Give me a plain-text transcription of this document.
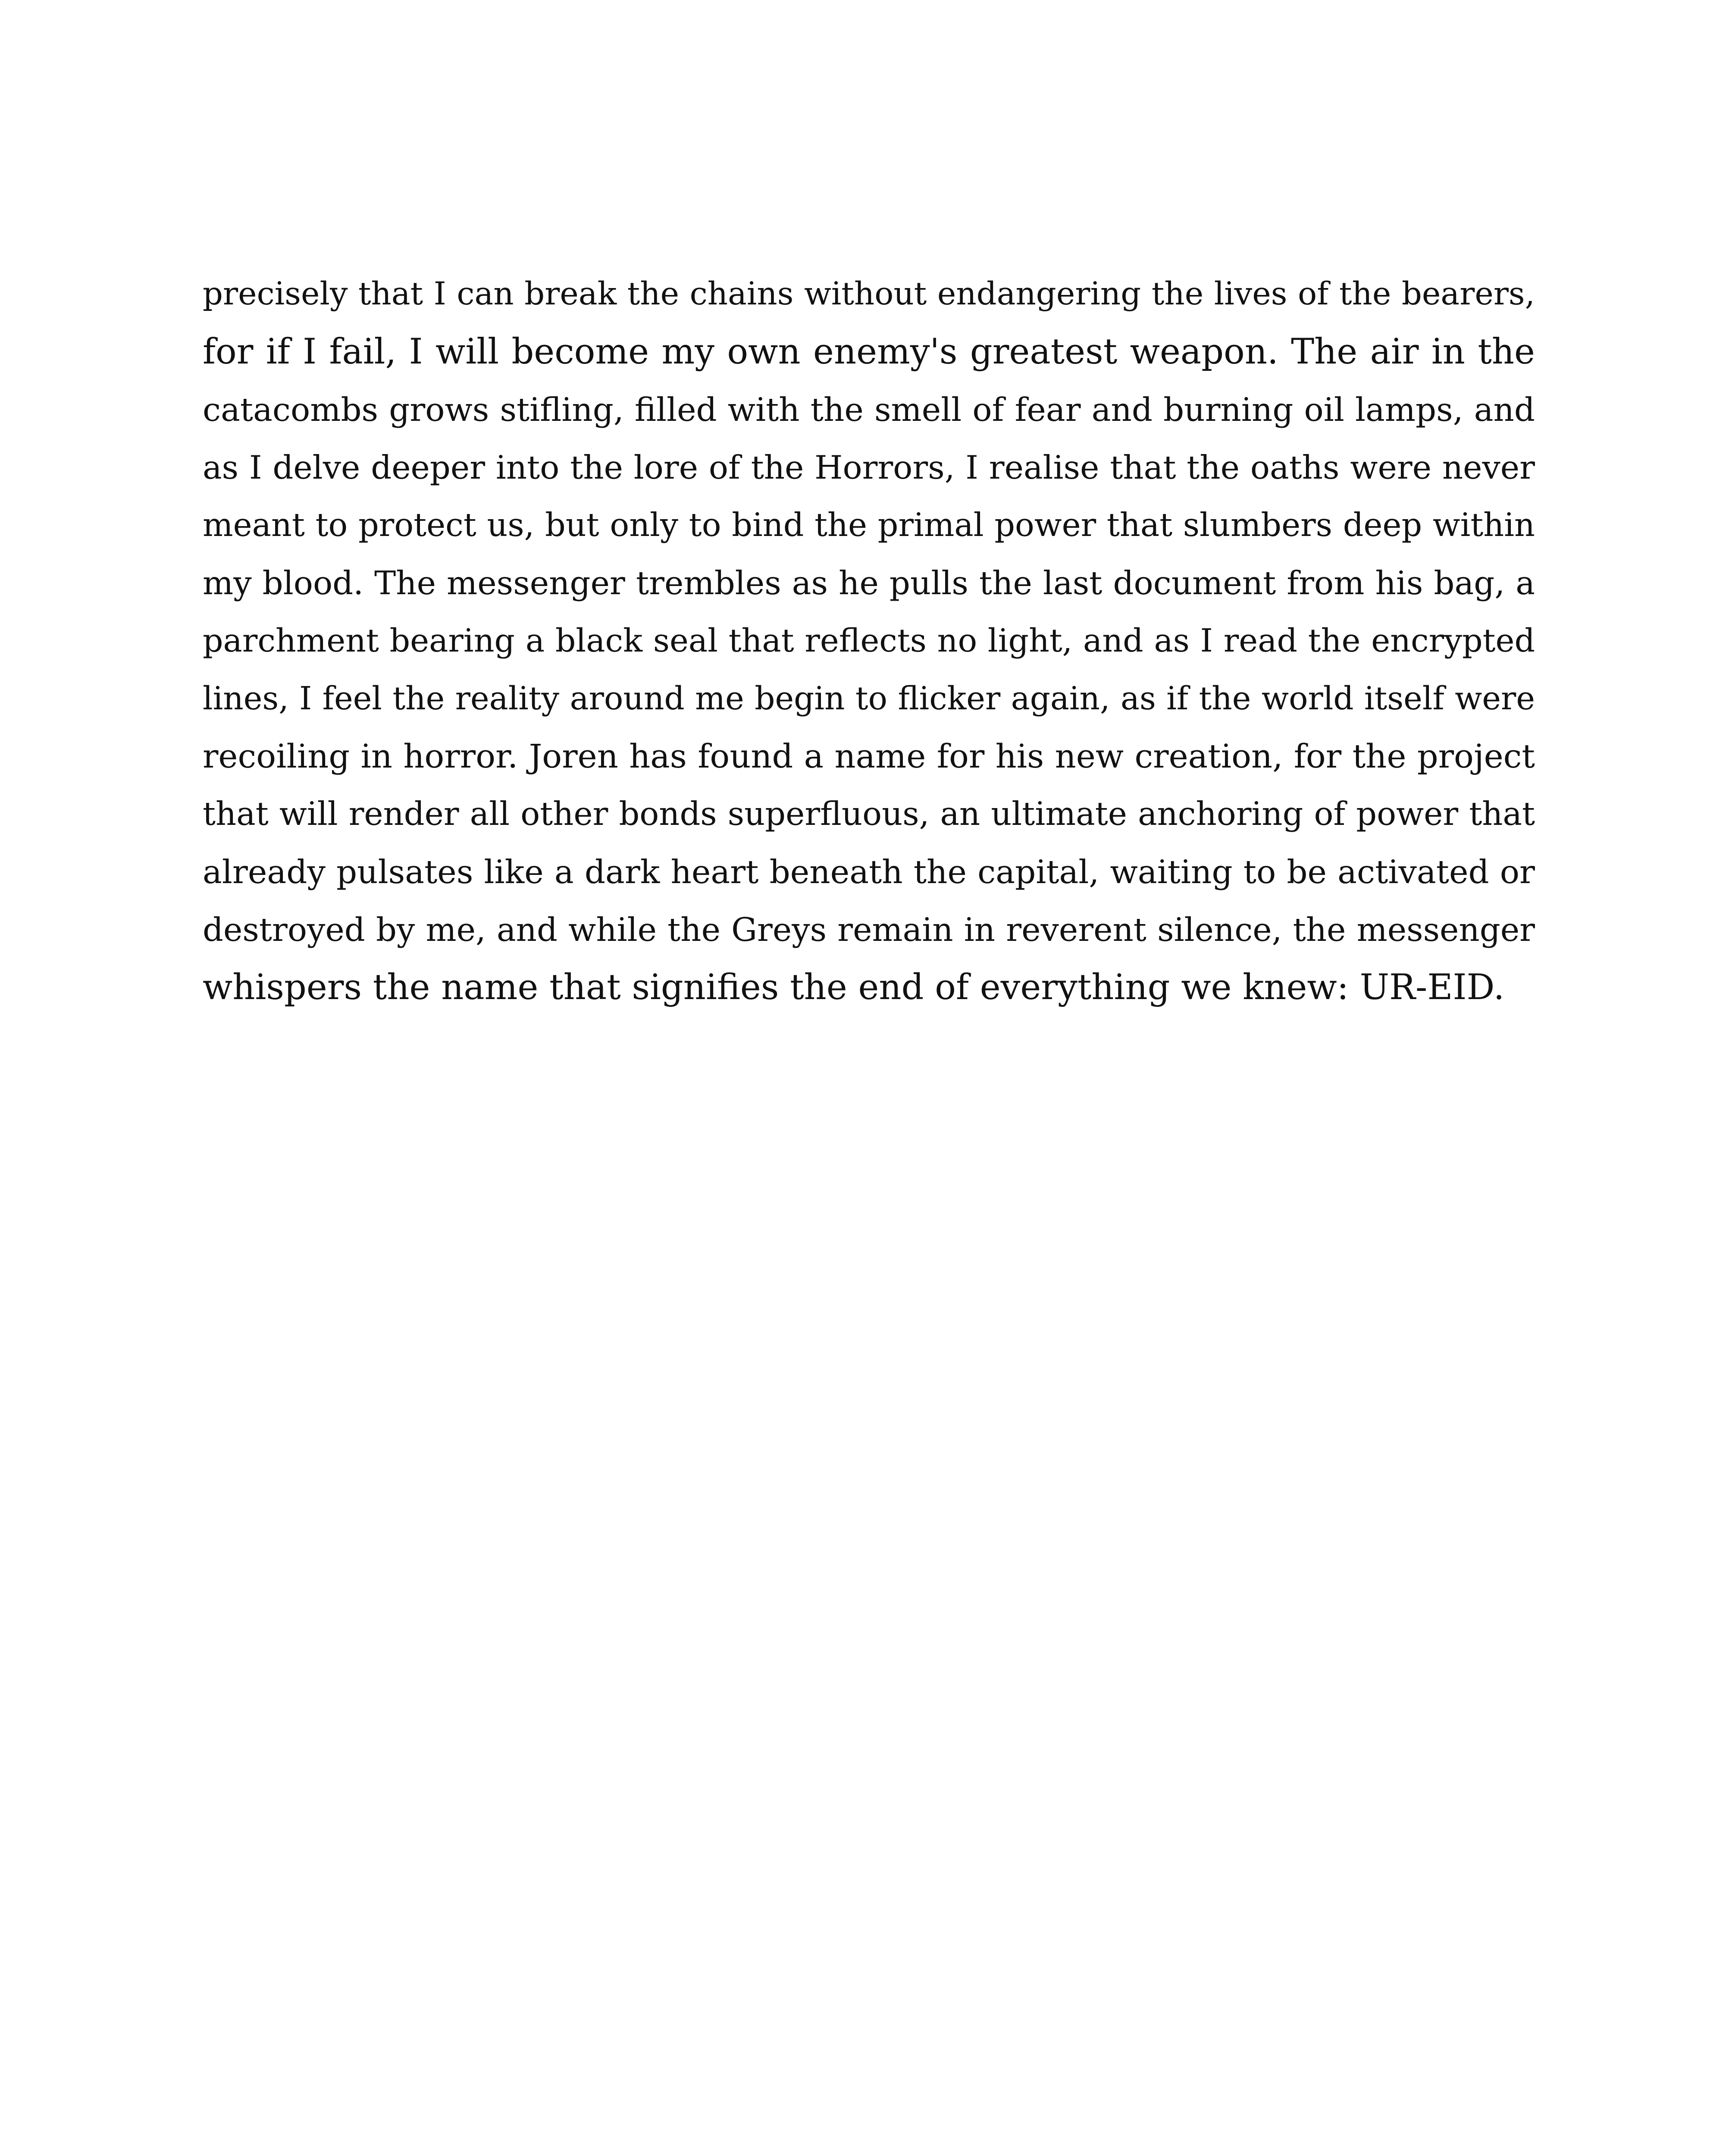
precisely that I can break the chains without endangering the lives of the bearers,
for if I fail, I will become my own enemy's greatest weapon. The air in the
catacombs grows stifling, filled with the smell of fear and burning oil lamps, and
as I delve deeper into the lore of the Horrors, I realise that the oaths were never
meant to protect us, but only to bind the primal power that slumbers deep within
my blood. The messenger trembles as he pulls the last document from his bag, a
parchment bearing a black seal that reflects no light, and as I read the encrypted
lines, I feel the reality around me begin to flicker again, as if the world itself were
recoiling in horror. Joren has found a name for his new creation, for the project
that will render all other bonds superfluous, an ultimate anchoring of power that
already pulsates like a dark heart beneath the capital, waiting to be activated or
destroyed by me, and while the Greys remain in reverent silence, the messenger
whispers the name that signifies the end of everything we knew: UR-EID.
